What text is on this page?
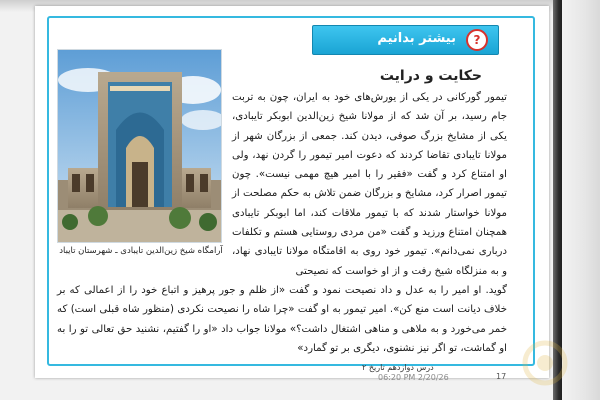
بیشتر بدانیم	?
حکایت و درایت
آرامگاه شیخ زین‌الدین تایبادی ـ شهرستان تایباد
تیمور گورکانی در یکی از یورش‌های خود به ایران، چون به تربت جام رسید، بر آن شد که از مولانا شیخ زین‌الدین ابوبکر تایبادی، یکی از مشایخ بزرگ صوفی، دیدن کند. جمعی از بزرگان شهر از مولانا تایبادی تقاضا کردند که دعوت امیر تیمور را گردن نهد، ولی او امتناع کرد و گفت «فقیر را با امیر هیچ مهمی نیست». چون تیمور اصرار کرد، مشایخ و بزرگان ضمن تلاش به حکم مصلحت از مولانا خواستار شدند که با تیمور ملاقات کند، اما ابوبکر تایبادی همچنان امتناع ورزید و گفت «من مردی روستایی هستم و تکلفات درباری نمی‌دانم». تیمور خود روی به اقامتگاه مولانا تایبادی نهاد، و به منزلگاه شیخ رفت و از او خواست که نصیحتی
گوید. او امیر را به عدل و داد نصیحت نمود و گفت «از ظلم و جور پرهیز و اتباع خود را از اعمالی که بر خلاف دیانت است منع کن». امیر تیمور به او گفت «چرا شاه را نصیحت نکردی (منظور شاه قبلی است) که خمر می‌خورد و به ملاهی و مناهی اشتغال داشت؟» مولانا جواب داد «او را گفتیم، نشنید حق تعالی تو را به او گماشت، تو اگر نیز نشنوی، دیگری بر تو گمارد»
درس دوازدهم تاریخ ۲
06:20 PM 2/20/26	17
